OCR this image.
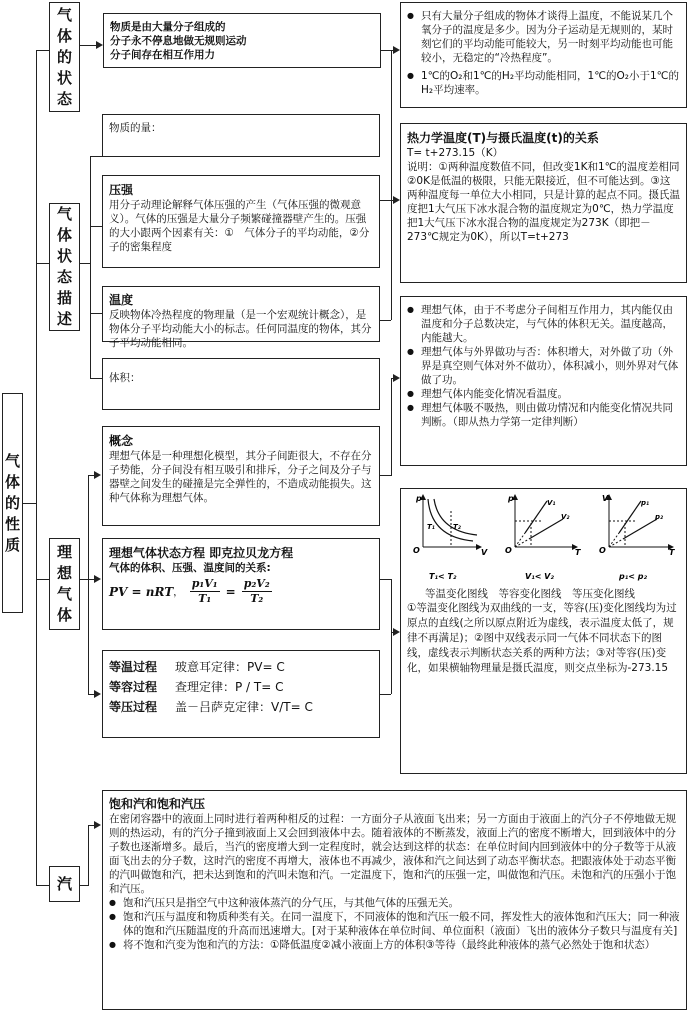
气体的性质
气体的状态
气体状态描述
理想气体
汽
物质是由大量分子组成的
分子永不停息地做无规则运动
分子间存在相互作用力
● 只有大量分子组成的物体才谈得上温度，不能说某几个氧分子的温度是多少。因为分子运动是无规则的，某时刻它们的平均动能可能较大，另一时刻平均动能也可能较小，无稳定的“冷热程度”。
● 1℃的O₂和1℃的H₂平均动能相同，1℃的O₂小于1℃的H₂平均速率。
物质的量：
压强
用分子动理论解释气体压强的产生（气体压强的微观意义）。气体的压强是大量分子频繁碰撞器壁产生的。压强的大小跟两个因素有关：①　气体分子的平均动能，②分子的密集程度
温度
反映物体冷热程度的物理量（是一个宏观统计概念），是物体分子平均动能大小的标志。任何同温度的物体，其分子平均动能相同。
体积：
热力学温度(T)与摄氏温度(t)的关系
T= t+273.15（K）
说明：①两种温度数值不同，但改变1K和1℃的温度差相同②0K是低温的极限，只能无限接近，但不可能达到。③这两种温度每一单位大小相同，只是计算的起点不同。摄氏温度把1大气压下冰水混合物的温度规定为0℃，热力学温度把1大气压下冰水混合物的温度规定为273K（即把－273℃规定为0K），所以T=t+273
● 理想气体，由于不考虑分子间相互作用力，其内能仅由温度和分子总数决定，与气体的体积无关。温度越高，内能越大。
● 理想气体与外界做功与否：体积增大，对外做了功（外界是真空则气体对外不做功），体积减小，则外界对气体做了功。
● 理想气体内能变化情况看温度。
● 理想气体吸不吸热，则由做功情况和内能变化情况共同判断。（即从热力学第一定律判断）
概念
理想气体是一种理想化模型，其分子间距很大，不存在分子势能，分子间没有相互吸引和排斥，分子之间及分子与器壁之间发生的碰撞是完全弹性的，不造成动能损失。这种气体称为理想气体。
理想气体状态方程 即克拉贝龙方程
气体的体积、压强、温度间的关系:
PV = nRT ，
p₁V₁
T₁ =
p₂V₂
T₂
等温过程 玻意耳定律：PV= C
等容过程 查理定律：P / T= C
等压过程 盖－吕萨克定律：V/T= C
p
V
O
T₁	T₂
T₁< T₂
p
T
O
V₁
V₂
V₁< V₂
V
T
O
p₁
p₂
p₁< p₂
等温变化图线　等容变化图线　等压变化图线
①等温变化图线为双曲线的一支，等容(压)变化图线均为过原点的直线(之所以原点附近为虚线，表示温度太低了，规律不再满足)；②图中双线表示同一气体不同状态下的图线，虚线表示判断状态关系的两种方法；③对等容(压)变化，如果横轴物理量是摄氏温度，则交点坐标为-273.15
饱和汽和饱和汽压
在密闭容器中的液面上同时进行着两种相反的过程：一方面分子从液面飞出来；另一方面由于液面上的汽分子不停地做无规则的热运动，有的汽分子撞到液面上又会回到液体中去。随着液体的不断蒸发，液面上汽的密度不断增大，回到液体中的分子数也逐渐增多。最后，当汽的密度增大到一定程度时，就会达到这样的状态：在单位时间内回到液体中的分子数等于从液面飞出去的分子数，这时汽的密度不再增大，液体也不再减少，液体和汽之间达到了动态平衡状态。把跟液体处于动态平衡的汽叫做饱和汽，把未达到饱和的汽叫未饱和汽。一定温度下，饱和汽的压强一定，叫做饱和汽压。未饱和汽的压强小于饱和汽压。
● 饱和汽压只是指空气中这种液体蒸汽的分气压，与其他气体的压强无关。
● 饱和汽压与温度和物质种类有关。在同一温度下，不同液体的饱和汽压一般不同，挥发性大的液体饱和汽压大；同一种液体的饱和汽压随温度的升高而迅速增大。[对于某种液体在单位时间、单位面积（液面）飞出的液体分子数只与温度有关]
● 将不饱和汽变为饱和汽的方法：①降低温度②减小液面上方的体积③等待（最终此种液体的蒸气必然处于饱和状态）
